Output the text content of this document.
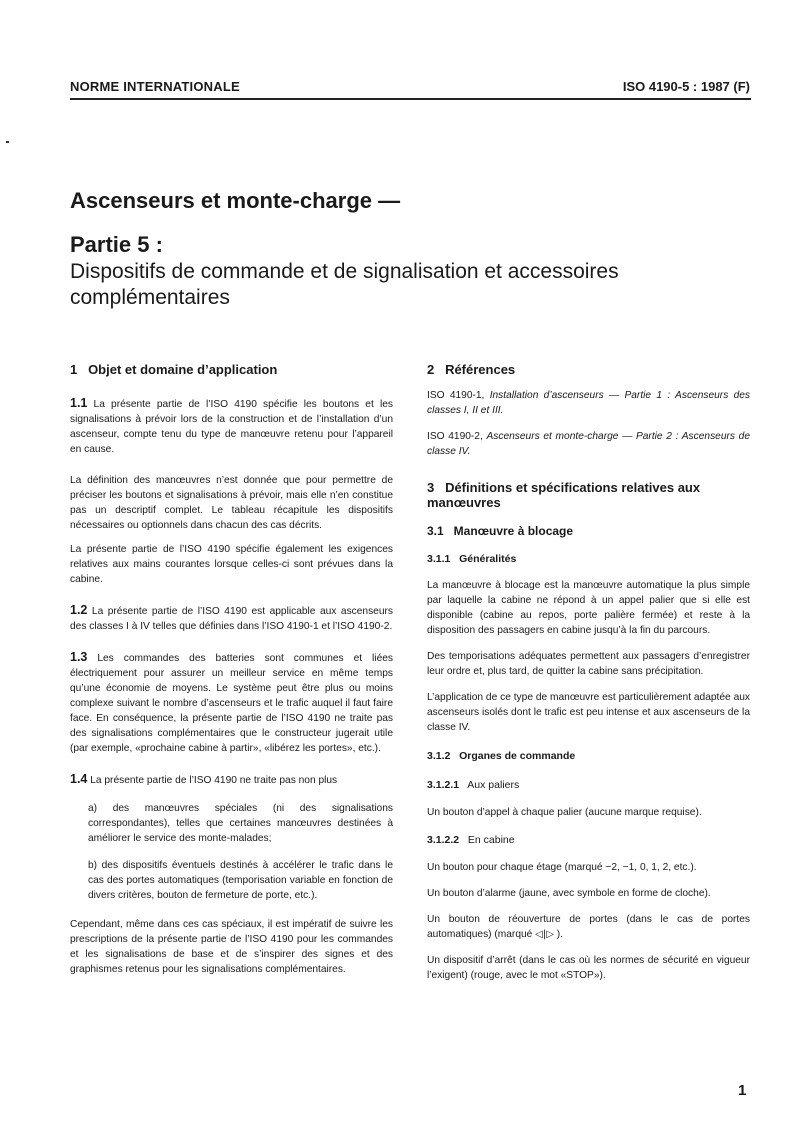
NORME INTERNATIONALE	ISO 4190-5 : 1987 (F)
Ascenseurs et monte-charge —
Partie 5 :
Dispositifs de commande et de signalisation et accessoires complémentaires

1   Objet et domaine d’application

1.1 La présente partie de l’ISO 4190 spécifie les boutons et les signalisations à prévoir lors de la construction et de l’installation d’un ascenseur, compte tenu du type de manœuvre retenu pour l’appareil en cause.

La définition des manœuvres n’est donnée que pour permettre de préciser les boutons et signalisations à prévoir, mais elle n’en constitue pas un descriptif complet. Le tableau récapitule les dispositifs nécessaires ou optionnels dans chacun des cas décrits.

La présente partie de l’ISO 4190 spécifie également les exigences relatives aux mains courantes lorsque celles-ci sont prévues dans la cabine.

1.2 La présente partie de l’ISO 4190 est applicable aux ascenseurs des classes I à IV telles que définies dans l’ISO 4190-1 et l’ISO 4190-2.

1.3 Les commandes des batteries sont communes et liées électriquement pour assurer un meilleur service en même temps qu’une économie de moyens. Le système peut être plus ou moins complexe suivant le nombre d’ascenseurs et le trafic auquel il faut faire face. En conséquence, la présente partie de l’ISO 4190 ne traite pas des signalisations complémentaires que le constructeur jugerait utile (par exemple, «prochaine cabine à partir», «libérez les portes», etc.).

1.4 La présente partie de l’ISO 4190 ne traite pas non plus

a) des manœuvres spéciales (ni des signalisations correspondantes), telles que certaines manœuvres destinées à améliorer le service des monte-malades;

b) des dispositifs éventuels destinés à accélérer le trafic dans le cas des portes automatiques (temporisation variable en fonction de divers critères, bouton de fermeture de porte, etc.).

Cependant, même dans ces cas spéciaux, il est impératif de suivre les prescriptions de la présente partie de l’ISO 4190 pour les commandes et les signalisations de base et de s’inspirer des signes et des graphismes retenus pour les signalisations complémentaires.

2   Références

ISO 4190-1, Installation d’ascenseurs — Partie 1 : Ascenseurs des classes I, II et III.

ISO 4190-2, Ascenseurs et monte-charge — Partie 2 : Ascenseurs de classe IV.

3   Définitions et spécifications relatives aux manœuvres

3.1   Manœuvre à blocage

3.1.1   Généralités

La manœuvre à blocage est la manœuvre automatique la plus simple par laquelle la cabine ne répond à un appel palier que si elle est disponible (cabine au repos, porte palière fermée) et reste à la disposition des passagers en cabine jusqu’à la fin du parcours.

Des temporisations adéquates permettent aux passagers d’enregistrer leur ordre et, plus tard, de quitter la cabine sans précipitation.

L’application de ce type de manœuvre est particulièrement adaptée aux ascenseurs isolés dont le trafic est peu intense et aux ascenseurs de la classe IV.

3.1.2   Organes de commande

3.1.2.1   Aux paliers

Un bouton d’appel à chaque palier (aucune marque requise).

3.1.2.2   En cabine

Un bouton pour chaque étage (marqué −2, −1, 0, 1, 2, etc.).

Un bouton d’alarme (jaune, avec symbole en forme de cloche).

Un bouton de réouverture de portes (dans le cas de portes automatiques) (marqué ◁|▷ ).

Un dispositif d’arrêt (dans le cas où les normes de sécurité en vigueur l’exigent) (rouge, avec le mot «STOP»).

1
